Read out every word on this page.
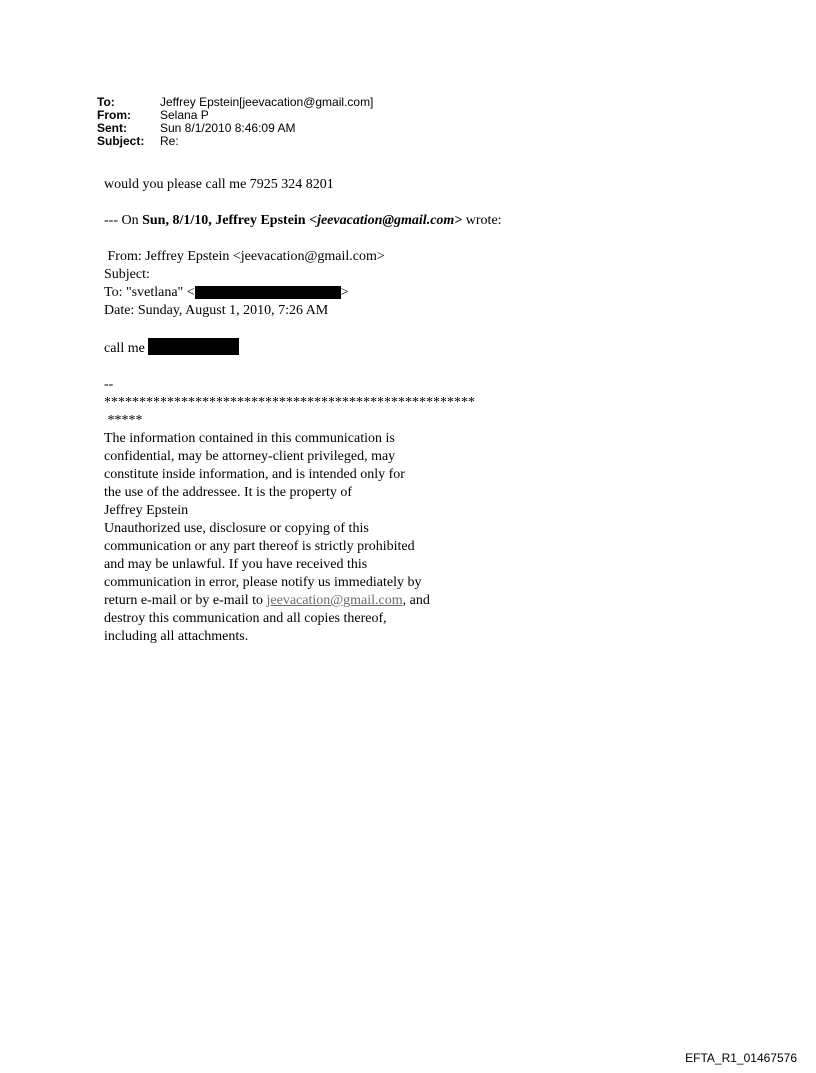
To:	Jeffrey Epstein[jeevacation@gmail.com]
From:	Selana P
Sent:	Sun 8/1/2010 8:46:09 AM
Subject:	Re:

would you please call me 7925 324 8201

--- On Sun, 8/1/10, Jeffrey Epstein <jeevacation@gmail.com> wrote:

From: Jeffrey Epstein <jeevacation@gmail.com>

Subject:

To: "svetlana" <	>

Date: Sunday, August 1, 2010, 7:26 AM

call me

--

*****************************************************

*****

The information contained in this communication is

confidential, may be attorney-client privileged, may

constitute inside information, and is intended only for

the use of the addressee. It is the property of

Jeffrey Epstein

Unauthorized use, disclosure or copying of this

communication or any part thereof is strictly prohibited

and may be unlawful. If you have received this

communication in error, please notify us immediately by

return e-mail or by e-mail to jeevacation@gmail.com, and

destroy this communication and all copies thereof,

including all attachments.

EFTA_R1_01467576
